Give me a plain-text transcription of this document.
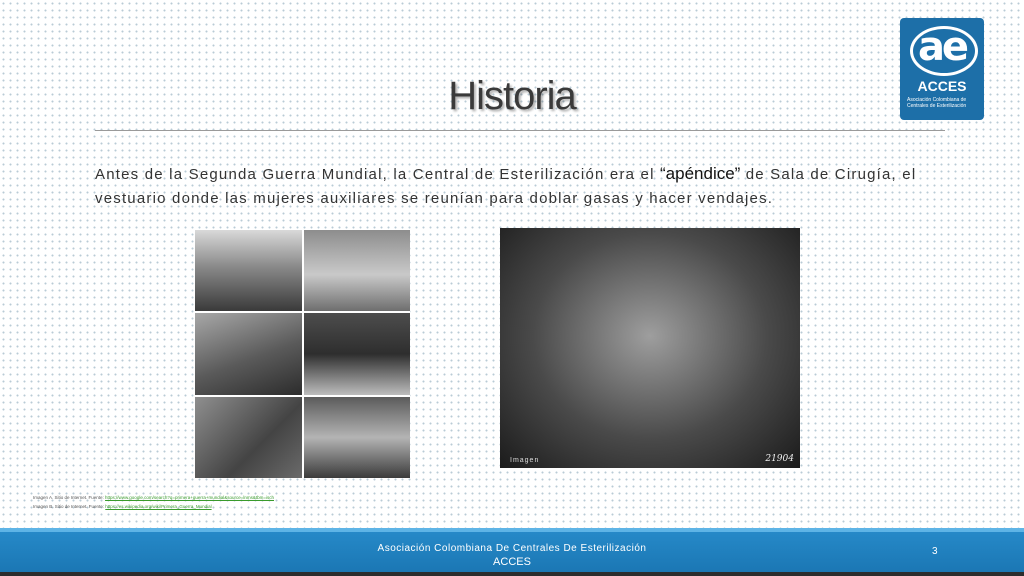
ae
ACCES
Asociación Colombiana de Centrales de Esterilización
Historia
Antes de la Segunda Guerra Mundial, la Central de Esterilización era el “apéndice” de Sala de Cirugía, el vestuario donde las mujeres auxiliares se reunían para doblar gasas y hacer vendajes.
Imagen	21904
Imagen A. Sitio de Internet. Fuente: https://www.google.com/search?q=primera+guerra+mundial&source=lnms&tbm=isch
Imagen B. Sitio de Internet. Fuente: https://es.wikipedia.org/wiki/Primera_Guerra_Mundial
Asociación Colombiana De Centrales De Esterilización
ACCES
3
